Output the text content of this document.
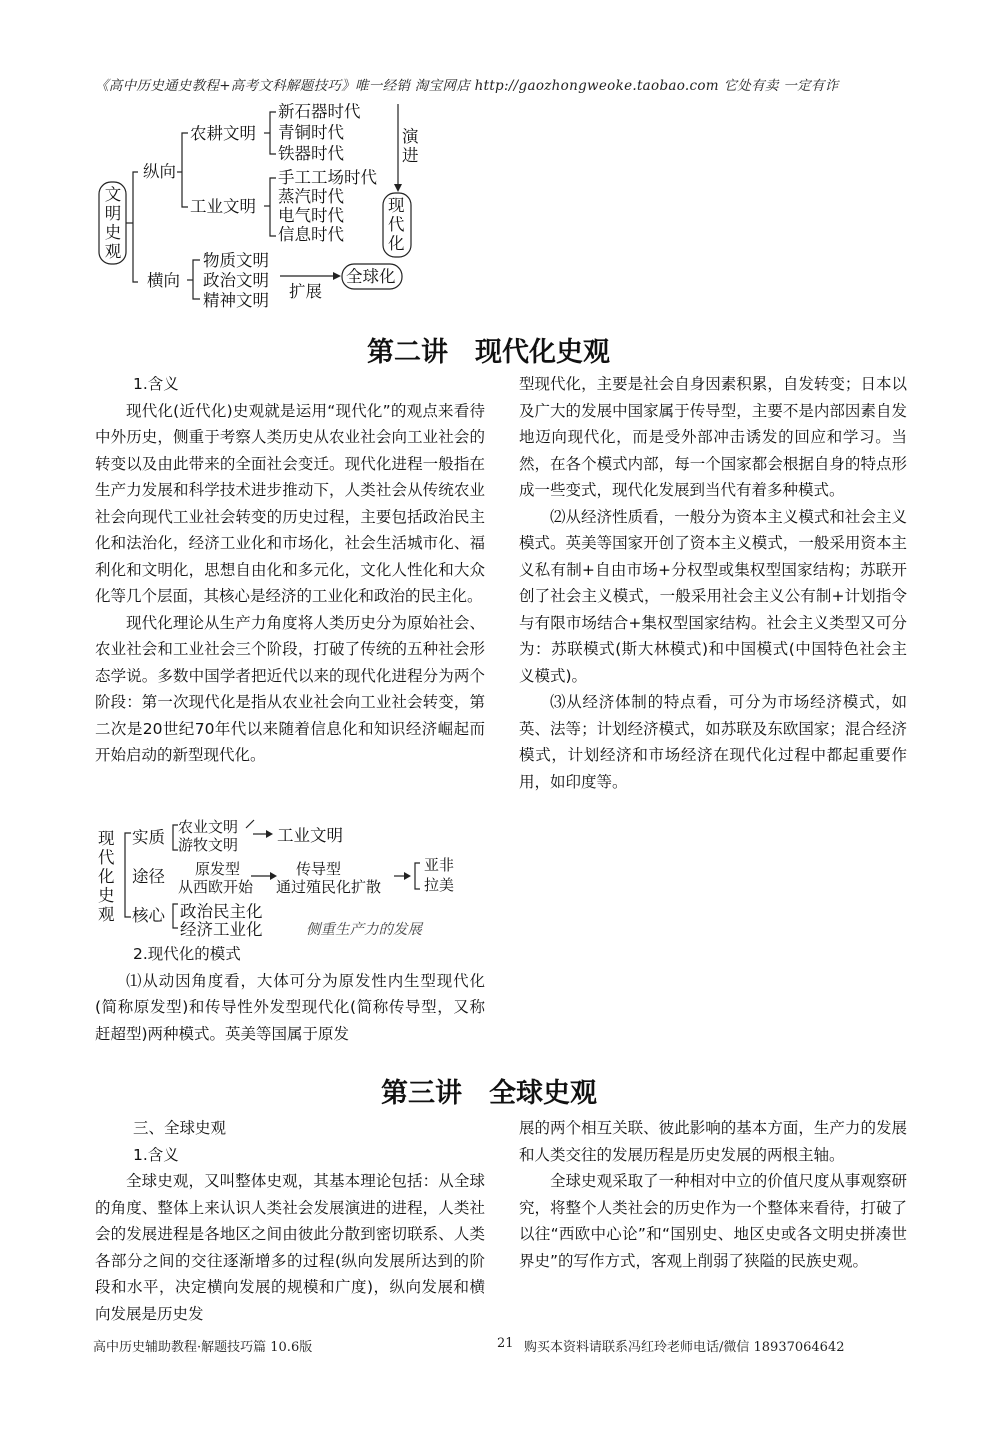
《高中历史通史教程+高考文科解题技巧》唯一经销 淘宝网店 http://gaozhongweoke.taobao.com 它处有卖 一定有诈
文明史观
纵向
横向
农耕文明
工业文明
新石器时代
青铜时代
铁器时代
手工工场时代
蒸汽时代
电气时代
信息时代
演进
现代化
物质文明
政治文明
精神文明 扩展
全球化
第二讲　现代化史观

1.含义

现代化(近代化)史观就是运用“现代化”的观点来看待中外历史，侧重于考察人类历史从农业社会向工业社会的转变以及由此带来的全面社会变迁。现代化进程一般指在生产力发展和科学技术进步推动下，人类社会从传统农业社会向现代工业社会转变的历史过程，主要包括政治民主化和法治化，经济工业化和市场化，社会生活城市化、福利化和文明化，思想自由化和多元化，文化人性化和大众化等几个层面，其核心是经济的工业化和政治的民主化。

现代化理论从生产力角度将人类历史分为原始社会、农业社会和工业社会三个阶段，打破了传统的五种社会形态学说。多数中国学者把近代以来的现代化进程分为两个阶段：第一次现代化是指从农业社会向工业社会转变，第二次是20世纪70年代以来随着信息化和知识经济崛起而开始启动的新型现代化。

现代化史观
实质
途径
核心
农业文明
游牧文明 工业文明
原发型
从西欧开始
传导型
通过殖民化扩散
亚非
拉美
政治民主化
经济工业化	侧重生产力的发展

2.现代化的模式

⑴从动因角度看，大体可分为原发性内生型现代化(简称原发型)和传导性外发型现代化(简称传导型，又称赶超型)两种模式。英美等国属于原发

型现代化，主要是社会自身因素积累，自发转变；日本以及广大的发展中国家属于传导型，主要不是内部因素自发地迈向现代化，而是受外部冲击诱发的回应和学习。当然，在各个模式内部，每一个国家都会根据自身的特点形成一些变式，现代化发展到当代有着多种模式。

⑵从经济性质看，一般分为资本主义模式和社会主义模式。英美等国家开创了资本主义模式，一般采用资本主义私有制+自由市场+分权型或集权型国家结构；苏联开创了社会主义模式，一般采用社会主义公有制+计划指令与有限市场结合+集权型国家结构。社会主义类型又可分为：苏联模式(斯大林模式)和中国模式(中国特色社会主义模式)。

⑶从经济体制的特点看，可分为市场经济模式，如英、法等；计划经济模式，如苏联及东欧国家；混合经济模式，计划经济和市场经济在现代化过程中都起重要作用，如印度等。

第三讲　全球史观

三、全球史观

1.含义

全球史观，又叫整体史观，其基本理论包括：从全球的角度、整体上来认识人类社会发展演进的进程，人类社会的发展进程是各地区之间由彼此分散到密切联系、人类各部分之间的交往逐渐增多的过程(纵向发展所达到的阶段和水平，决定横向发展的规模和广度)，纵向发展和横向发展是历史发

展的两个相互关联、彼此影响的基本方面，生产力的发展和人类交往的发展历程是历史发展的两根主轴。

全球史观采取了一种相对中立的价值尺度从事观察研究，将整个人类社会的历史作为一个整体来看待，打破了以往“西欧中心论”和“国别史、地区史或各文明史拼凑世界史”的写作方式，客观上削弱了狭隘的民族史观。

高中历史辅助教程·解题技巧篇 10.6版	21 购买本资料请联系冯红玲老师电话/微信 18937064642
